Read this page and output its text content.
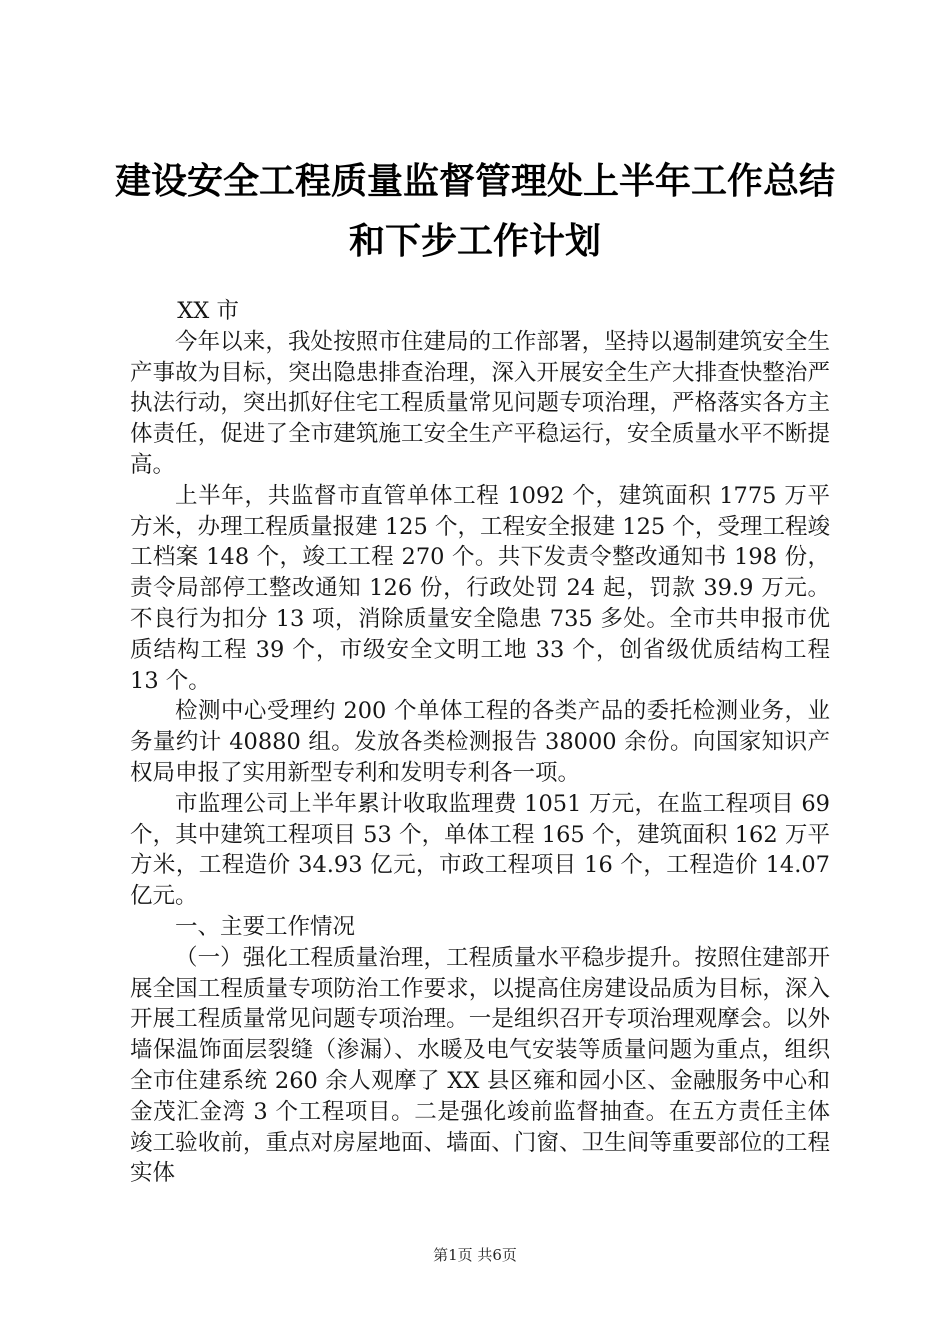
建设安全工程质量监督管理处上半年工作总结
和下步工作计划

XX 市

今年以来，我处按照市住建局的工作部署，坚持以遏制建筑安全生产事故为目标，突出隐患排查治理，深入开展安全生产大排查快整治严执法行动，突出抓好住宅工程质量常见问题专项治理，严格落实各方主体责任，促进了全市建筑施工安全生产平稳运行，安全质量水平不断提高。

上半年，共监督市直管单体工程 1092 个，建筑面积 1775 万平方米，办理工程质量报建 125 个，工程安全报建 125 个，受理工程竣工档案 148 个，竣工工程 270 个。共下发责令整改通知书 198 份，责令局部停工整改通知 126 份，行政处罚 24 起，罚款 39.9 万元。不良行为扣分 13 项，消除质量安全隐患 735 多处。全市共申报市优质结构工程 39 个，市级安全文明工地 33 个，创省级优质结构工程 13 个。

检测中心受理约 200 个单体工程的各类产品的委托检测业务，业务量约计 40880 组。发放各类检测报告 38000 余份。向国家知识产权局申报了实用新型专利和发明专利各一项。

市监理公司上半年累计收取监理费 1051 万元，在监工程项目 69 个，其中建筑工程项目 53 个，单体工程 165 个，建筑面积 162 万平方米，工程造价 34.93 亿元，市政工程项目 16 个，工程造价 14.07 亿元。

一、主要工作情况

（一）强化工程质量治理，工程质量水平稳步提升。按照住建部开展全国工程质量专项防治工作要求，以提高住房建设品质为目标，深入开展工程质量常见问题专项治理。一是组织召开专项治理观摩会。以外墙保温饰面层裂缝（渗漏）、水暖及电气安装等质量问题为重点，组织全市住建系统 260 余人观摩了 XX 县区雍和园小区、金融服务中心和金茂汇金湾 3 个工程项目。二是强化竣前监督抽查。在五方责任主体竣工验收前，重点对房屋地面、墙面、门窗、卫生间等重要部位的工程实体

第1页 共6页
